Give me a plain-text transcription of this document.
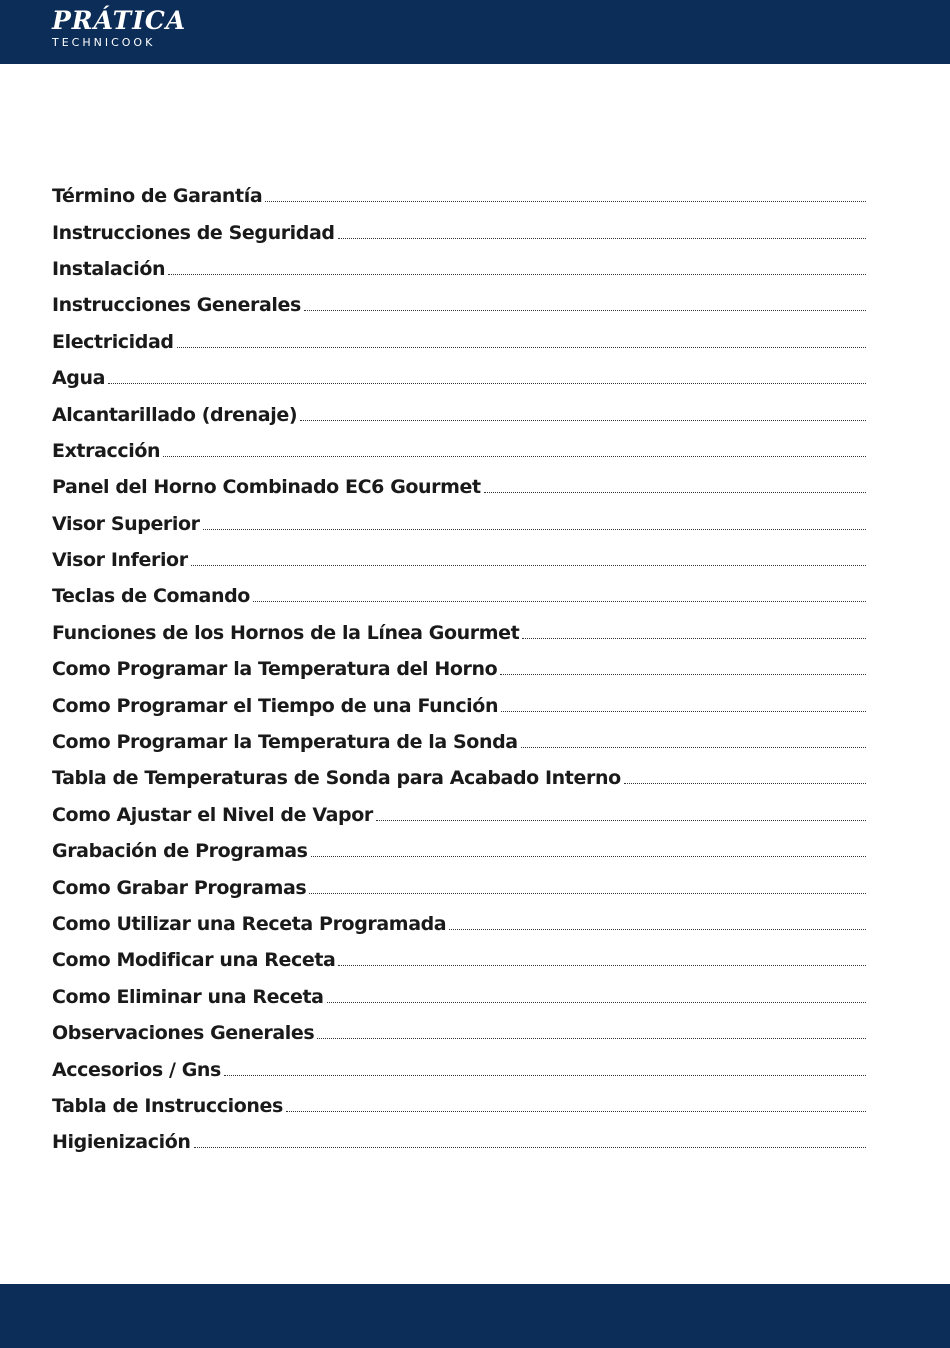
PRÁTICA
TECHNICOOK
Término de Garantía
Instrucciones de Seguridad
Instalación
Instrucciones Generales
Electricidad
Agua
Alcantarillado (drenaje)
Extracción
Panel del Horno Combinado EC6 Gourmet
Visor Superior
Visor Inferior
Teclas de Comando
Funciones de los Hornos de la Línea Gourmet
Como Programar la Temperatura del Horno
Como Programar el Tiempo de una Función
Como Programar la Temperatura de la Sonda
Tabla de Temperaturas de Sonda para Acabado Interno
Como Ajustar el Nivel de Vapor
Grabación de Programas
Como Grabar Programas
Como Utilizar una Receta Programada
Como Modificar una Receta
Como Eliminar una Receta
Observaciones Generales
Accesorios / Gns
Tabla de Instrucciones
Higienización
